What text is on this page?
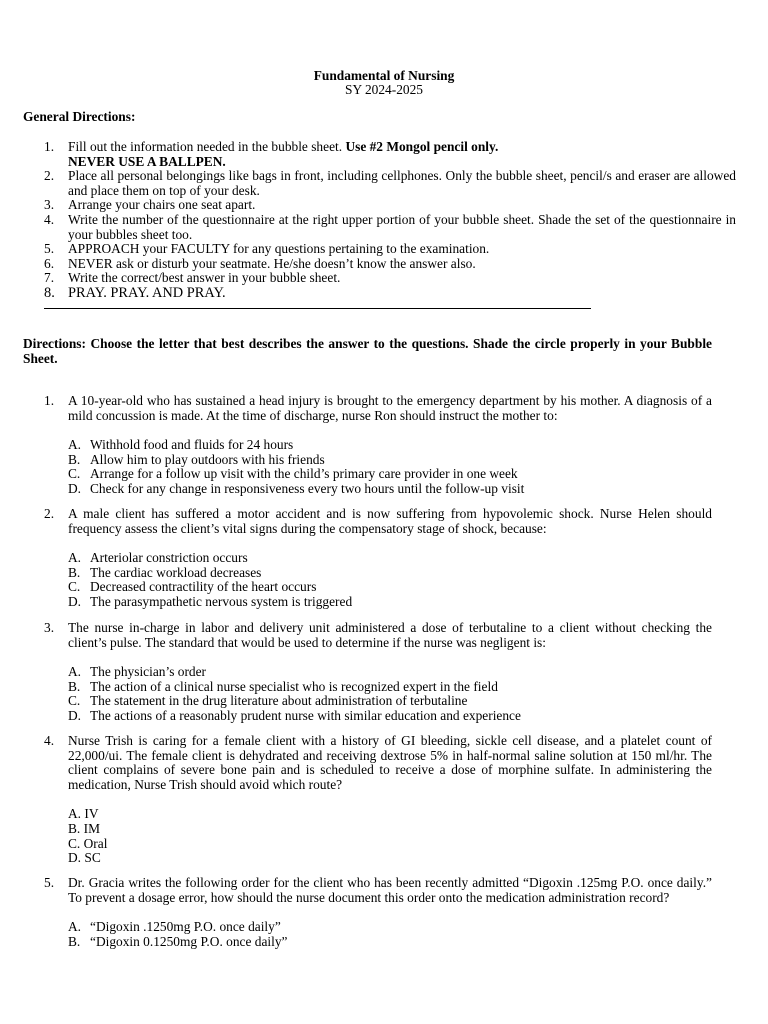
Fundamental of Nursing
SY 2024-2025
General Directions:
1. Fill out the information needed in the bubble sheet. Use #2 Mongol pencil only.
NEVER USE A BALLPEN.
2. Place all personal belongings like bags in front, including cellphones. Only the bubble sheet, pencil/s and eraser are allowed and place them on top of your desk.
3. Arrange your chairs one seat apart.
4. Write the number of the questionnaire at the right upper portion of your bubble sheet. Shade the set of the questionnaire in your bubbles sheet too.
5. APPROACH your FACULTY for any questions pertaining to the examination.
6. NEVER ask or disturb your seatmate. He/she doesn’t know the answer also.
7. Write the correct/best answer in your bubble sheet.
8. PRAY. PRAY. AND PRAY.
Directions: Choose the letter that best describes the answer to the questions. Shade the circle properly in your Bubble Sheet.
1. A 10-year-old who has sustained a head injury is brought to the emergency department by his mother. A diagnosis of a mild concussion is made. At the time of discharge, nurse Ron should instruct the mother to:
A. Withhold food and fluids for 24 hours
B. Allow him to play outdoors with his friends
C. Arrange for a follow up visit with the child’s primary care provider in one week
D. Check for any change in responsiveness every two hours until the follow-up visit
2. A male client has suffered a motor accident and is now suffering from hypovolemic shock. Nurse Helen should frequency assess the client’s vital signs during the compensatory stage of shock, because:
A. Arteriolar constriction occurs
B. The cardiac workload decreases
C. Decreased contractility of the heart occurs
D. The parasympathetic nervous system is triggered
3. The nurse in-charge in labor and delivery unit administered a dose of terbutaline to a client without checking the client’s pulse. The standard that would be used to determine if the nurse was negligent is:
A. The physician’s order
B. The action of a clinical nurse specialist who is recognized expert in the field
C. The statement in the drug literature about administration of terbutaline
D. The actions of a reasonably prudent nurse with similar education and experience
4. Nurse Trish is caring for a female client with a history of GI bleeding, sickle cell disease, and a platelet count of 22,000/ui. The female client is dehydrated and receiving dextrose 5% in half-normal saline solution at 150 ml/hr. The client complains of severe bone pain and is scheduled to receive a dose of morphine sulfate. In administering the medication, Nurse Trish should avoid which route?
A. IV
B. IM
C. Oral
D. SC
5. Dr. Gracia writes the following order for the client who has been recently admitted “Digoxin .125mg P.O. once daily.” To prevent a dosage error, how should the nurse document this order onto the medication administration record?
A. “Digoxin .1250mg P.O. once daily”
B. “Digoxin 0.1250mg P.O. once daily”
